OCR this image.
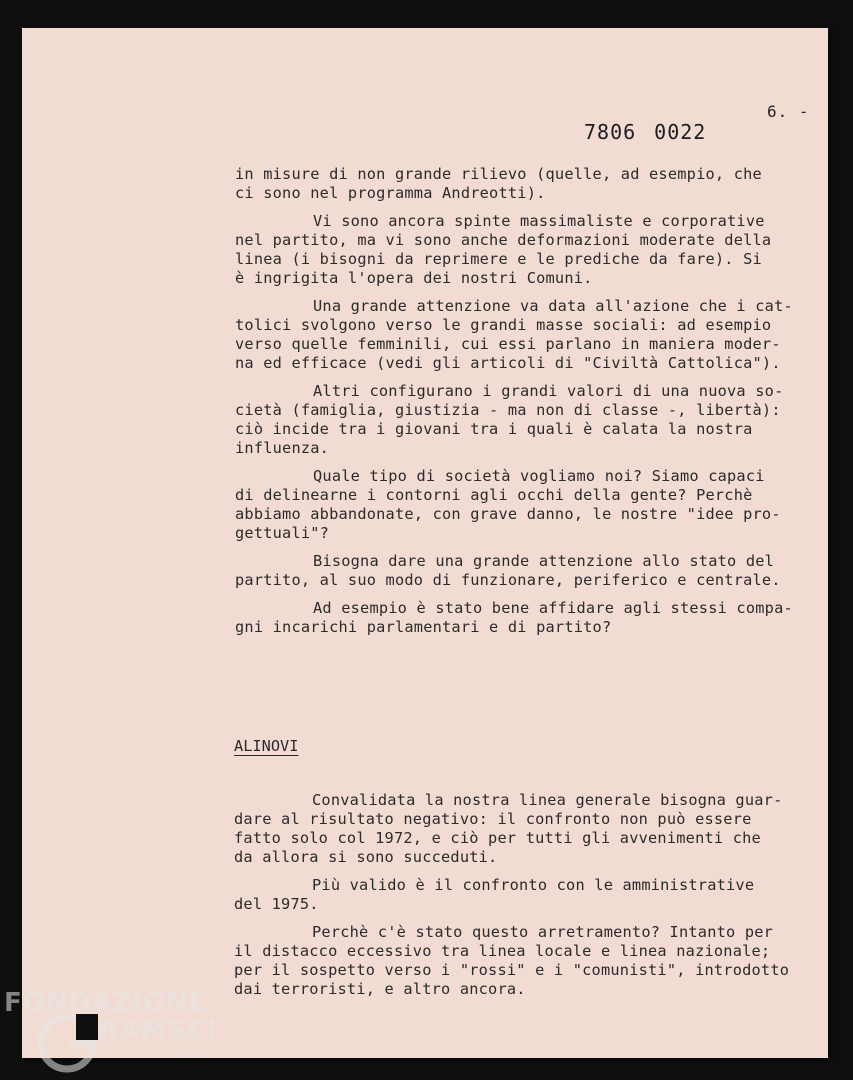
6. -
7806 0022
in misure di non grande rilievo (quelle, ad esempio, che
ci sono nel programma Andreotti).
Vi sono ancora spinte massimaliste e corporative
nel partito, ma vi sono anche deformazioni moderate della
linea (i bisogni da reprimere e le prediche da fare). Si
è ingrigita l'opera dei nostri Comuni.
Una grande attenzione va data all'azione che i cat-
tolici svolgono verso le grandi masse sociali: ad esempio
verso quelle femminili, cui essi parlano in maniera moder-
na ed efficace (vedi gli articoli di "Civiltà Cattolica").
Altri configurano i grandi valori di una nuova so-
cietà (famiglia, giustizia - ma non di classe -, libertà):
ciò incide tra i giovani tra i quali è calata la nostra
influenza.
Quale tipo di società vogliamo noi? Siamo capaci
di delinearne i contorni agli occhi della gente? Perchè
abbiamo abbandonate, con grave danno, le nostre "idee pro-
gettuali"?
Bisogna dare una grande attenzione allo stato del
partito, al suo modo di funzionare, periferico e centrale.
Ad esempio è stato bene affidare agli stessi compa-
gni incarichi parlamentari e di partito?
ALINOVI
Convalidata la nostra linea generale bisogna guar-
dare al risultato negativo: il confronto non può essere
fatto solo col 1972, e ciò per tutti gli avvenimenti che
da allora si sono succeduti.
Più valido è il confronto con le amministrative
del 1975.
Perchè c'è stato questo arretramento? Intanto per
il distacco eccessivo tra linea locale e linea nazionale;
per il sospetto verso i "rossi" e i "comunisti", introdotto
dai terroristi, e altro ancora.
FONDAZIONE
RAMSCI
onlus
